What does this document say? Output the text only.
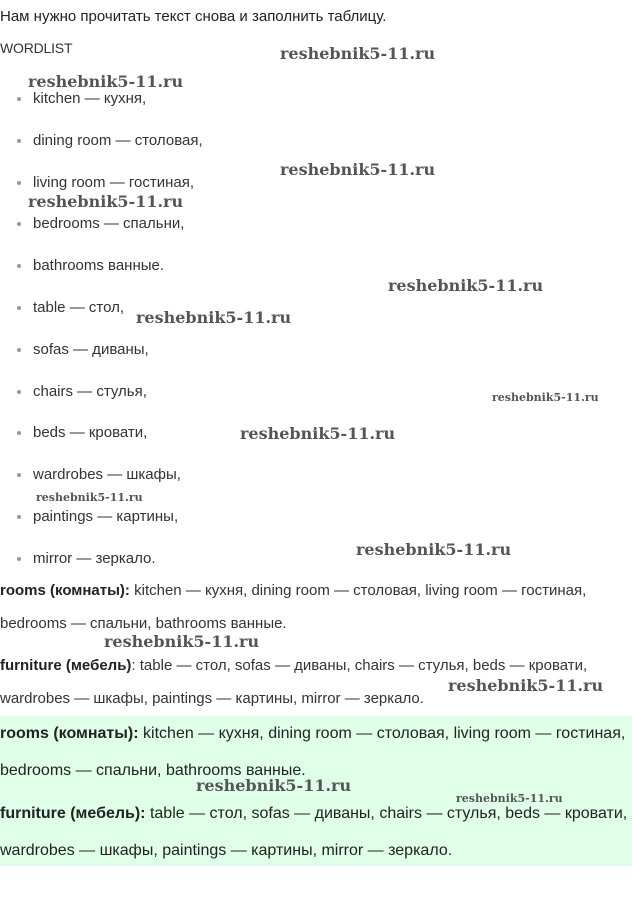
Нам нужно прочитать текст снова и заполнить таблицу.
WORDLIST
kitchen — кухня,
dining room — столовая,
living room — гостиная,
bedrooms — спальни,
bathrooms ванные.
table — стол,
sofas — диваны,
chairs — стулья,
beds — кровати,
wardrobes — шкафы,
paintings — картины,
mirror — зеркало.
rooms (комнаты): kitchen — кухня, dining room — столовая, living room — гостиная, bedrooms — спальни, bathrooms ванные.
furniture (мебель): table — стол, sofas — диваны, chairs — стулья, beds — кровати, wardrobes — шкафы, paintings — картины, mirror — зеркало.
rooms (комнаты): kitchen — кухня, dining room — столовая, living room — гостиная, bedrooms — спальни, bathrooms ванные.
furniture (мебель): table — стол, sofas — диваны, chairs — стулья, beds — кровати, wardrobes — шкафы, paintings — картины, mirror — зеркало.
reshebnik5-11.ru
reshebnik5-11.ru
reshebnik5-11.ru
reshebnik5-11.ru
reshebnik5-11.ru
reshebnik5-11.ru
reshebnik5-11.ru
reshebnik5-11.ru
reshebnik5-11.ru
reshebnik5-11.ru
reshebnik5-11.ru
reshebnik5-11.ru
reshebnik5-11.ru
reshebnik5-11.ru
